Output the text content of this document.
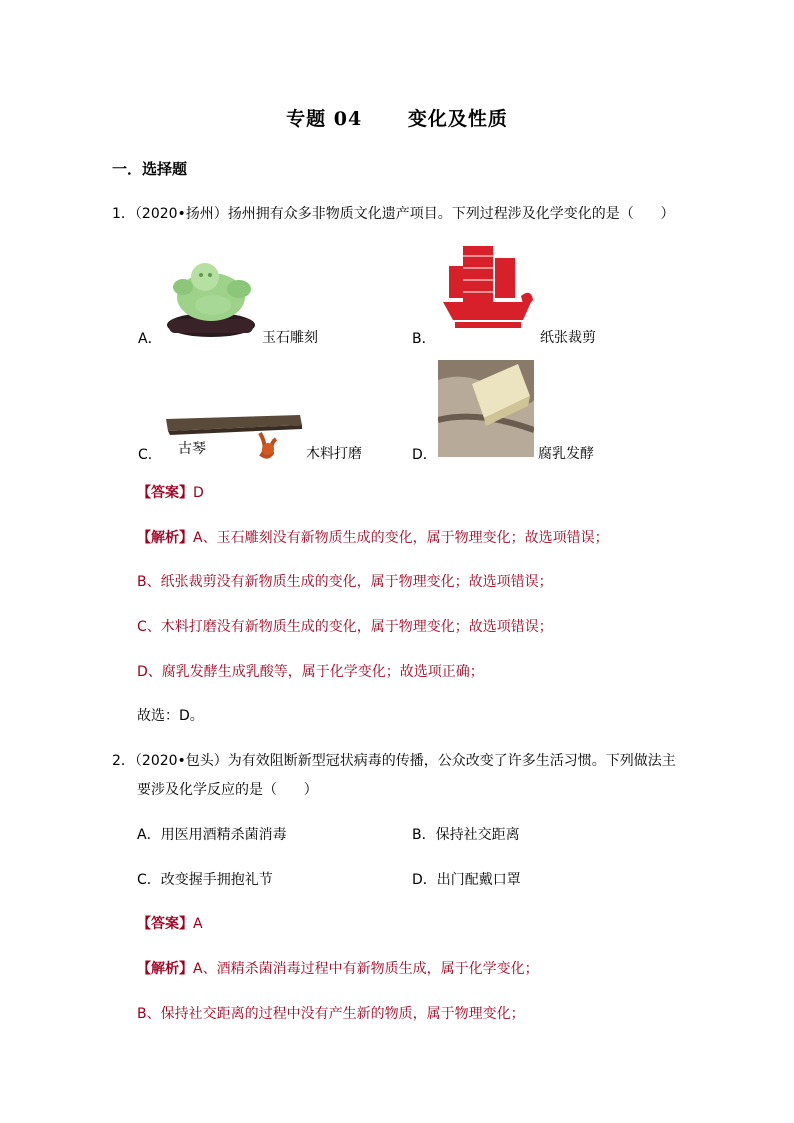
专题 04      变化及性质
一．选择题
1．（2020•扬州）扬州拥有众多非物质文化遗产项目。下列过程涉及化学变化的是（      ）
A．	玉石雕刻	B．	纸张裁剪
古琴
C．	木料打磨	D．	腐乳发酵
【答案】D
【解析】A、玉石雕刻没有新物质生成的变化，属于物理变化；故选项错误；
B、纸张裁剪没有新物质生成的变化，属于物理变化；故选项错误；
C、木料打磨没有新物质生成的变化，属于物理变化；故选项错误；
D、腐乳发酵生成乳酸等，属于化学变化；故选项正确；
故选：D。
2．（2020•包头）为有效阻断新型冠状病毒的传播，公众改变了许多生活习惯。下列做法主
要涉及化学反应的是（      ）
A．用医用酒精杀菌消毒	B．保持社交距离
C．改变握手拥抱礼节	D．出门配戴口罩
【答案】A
【解析】A、酒精杀菌消毒过程中有新物质生成，属于化学变化；
B、保持社交距离的过程中没有产生新的物质，属于物理变化；
